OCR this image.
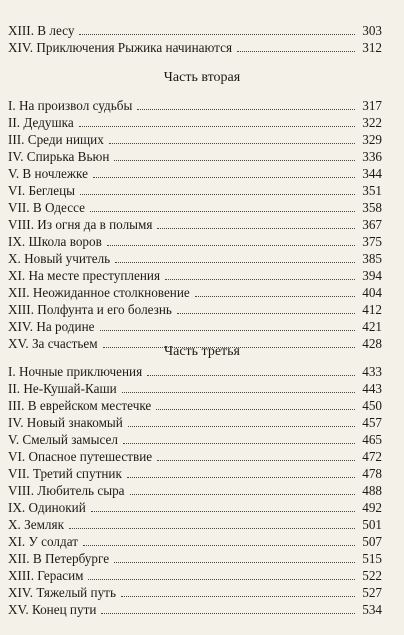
XIII. В лесу	303
XIV. Приключения Рыжика начинаются	312
Часть вторая
I. На произвол судьбы	317
II. Дедушка	322
III. Среди нищих	329
IV. Спирька Вьюн	336
V. В ночлежке	344
VI. Беглецы	351
VII. В Одессе	358
VIII. Из огня да в полымя	367
IX. Школа воров	375
X. Новый учитель	385
XI. На месте преступления	394
XII. Неожиданное столкновение	404
XIII. Полфунта и его болезнь	412
XIV. На родине	421
XV. За счастьем	428
Часть третья
I. Ночные приключения	433
II. Не-Кушай-Каши	443
III. В еврейском местечке	450
IV. Новый знакомый	457
V. Смелый замысел	465
VI. Опасное путешествие	472
VII. Третий спутник	478
VIII. Любитель сыра	488
IX. Одинокий	492
X. Земляк	501
XI. У солдат	507
XII. В Петербурге	515
XIII. Герасим	522
XIV. Тяжелый путь	527
XV. Конец пути	534
